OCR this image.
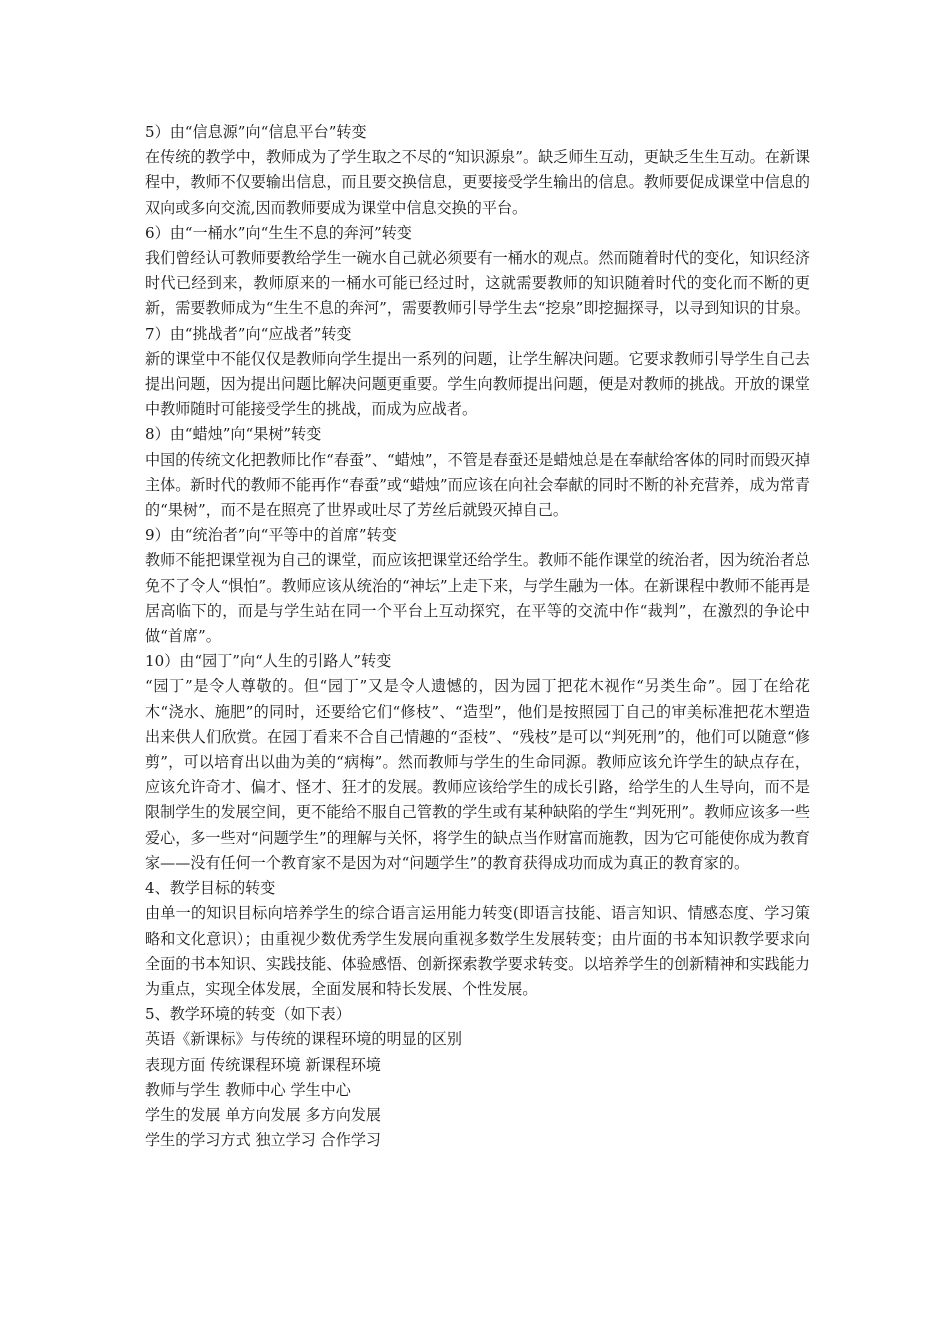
5）由“信息源”向“信息平台”转变

在传统的教学中，教师成为了学生取之不尽的“知识源泉”。缺乏师生互动，更缺乏生生互动。在新课程中，教师不仅要输出信息，而且要交换信息，更要接受学生输出的信息。教师要促成课堂中信息的双向或多向交流,因而教师要成为课堂中信息交换的平台。

6）由“一桶水”向“生生不息的奔河”转变

我们曾经认可教师要教给学生一碗水自己就必须要有一桶水的观点。然而随着时代的变化，知识经济时代已经到来，教师原来的一桶水可能已经过时，这就需要教师的知识随着时代的变化而不断的更新，需要教师成为“生生不息的奔河”，需要教师引导学生去“挖泉”即挖掘探寻，以寻到知识的甘泉。

7）由“挑战者”向“应战者”转变

新的课堂中不能仅仅是教师向学生提出一系列的问题，让学生解决问题。它要求教师引导学生自己去提出问题，因为提出问题比解决问题更重要。学生向教师提出问题，便是对教师的挑战。开放的课堂中教师随时可能接受学生的挑战，而成为应战者。

8）由“蜡烛”向“果树”转变

中国的传统文化把教师比作“春蚕”、“蜡烛”，不管是春蚕还是蜡烛总是在奉献给客体的同时而毁灭掉主体。新时代的教师不能再作“春蚕”或“蜡烛”而应该在向社会奉献的同时不断的补充营养，成为常青的“果树”，而不是在照亮了世界或吐尽了芳丝后就毁灭掉自己。

9）由“统治者”向“平等中的首席”转变

教师不能把课堂视为自己的课堂，而应该把课堂还给学生。教师不能作课堂的统治者，因为统治者总免不了令人“惧怕”。教师应该从统治的“神坛”上走下来，与学生融为一体。在新课程中教师不能再是居高临下的，而是与学生站在同一个平台上互动探究，在平等的交流中作“裁判”，在激烈的争论中做“首席”。

10）由“园丁”向“人生的引路人”转变

“园丁”是令人尊敬的。但“园丁”又是令人遗憾的，因为园丁把花木视作“另类生命”。园丁在给花木“浇水、施肥”的同时，还要给它们“修枝”、“造型”，他们是按照园丁自己的审美标准把花木塑造出来供人们欣赏。在园丁看来不合自己情趣的“歪枝”、“残枝”是可以“判死刑”的，他们可以随意“修剪”，可以培育出以曲为美的“病梅”。然而教师与学生的生命同源。教师应该允许学生的缺点存在，应该允许奇才、偏才、怪才、狂才的发展。教师应该给学生的成长引路，给学生的人生导向，而不是限制学生的发展空间，更不能给不服自己管教的学生或有某种缺陷的学生“判死刑”。教师应该多一些爱心，多一些对“问题学生”的理解与关怀，将学生的缺点当作财富而施教，因为它可能使你成为教育家——没有任何一个教育家不是因为对“问题学生”的教育获得成功而成为真正的教育家的。

4、教学目标的转变

由单一的知识目标向培养学生的综合语言运用能力转变(即语言技能、语言知识、情感态度、学习策略和文化意识）；由重视少数优秀学生发展向重视多数学生发展转变；由片面的书本知识教学要求向全面的书本知识、实践技能、体验感悟、创新探索教学要求转变。以培养学生的创新精神和实践能力为重点，实现全体发展，全面发展和特长发展、个性发展。

5、教学环境的转变（如下表）

英语《新课标》与传统的课程环境的明显的区别

表现方面 传统课程环境 新课程环境

教师与学生 教师中心 学生中心

学生的发展 单方向发展 多方向发展

学生的学习方式 独立学习 合作学习
